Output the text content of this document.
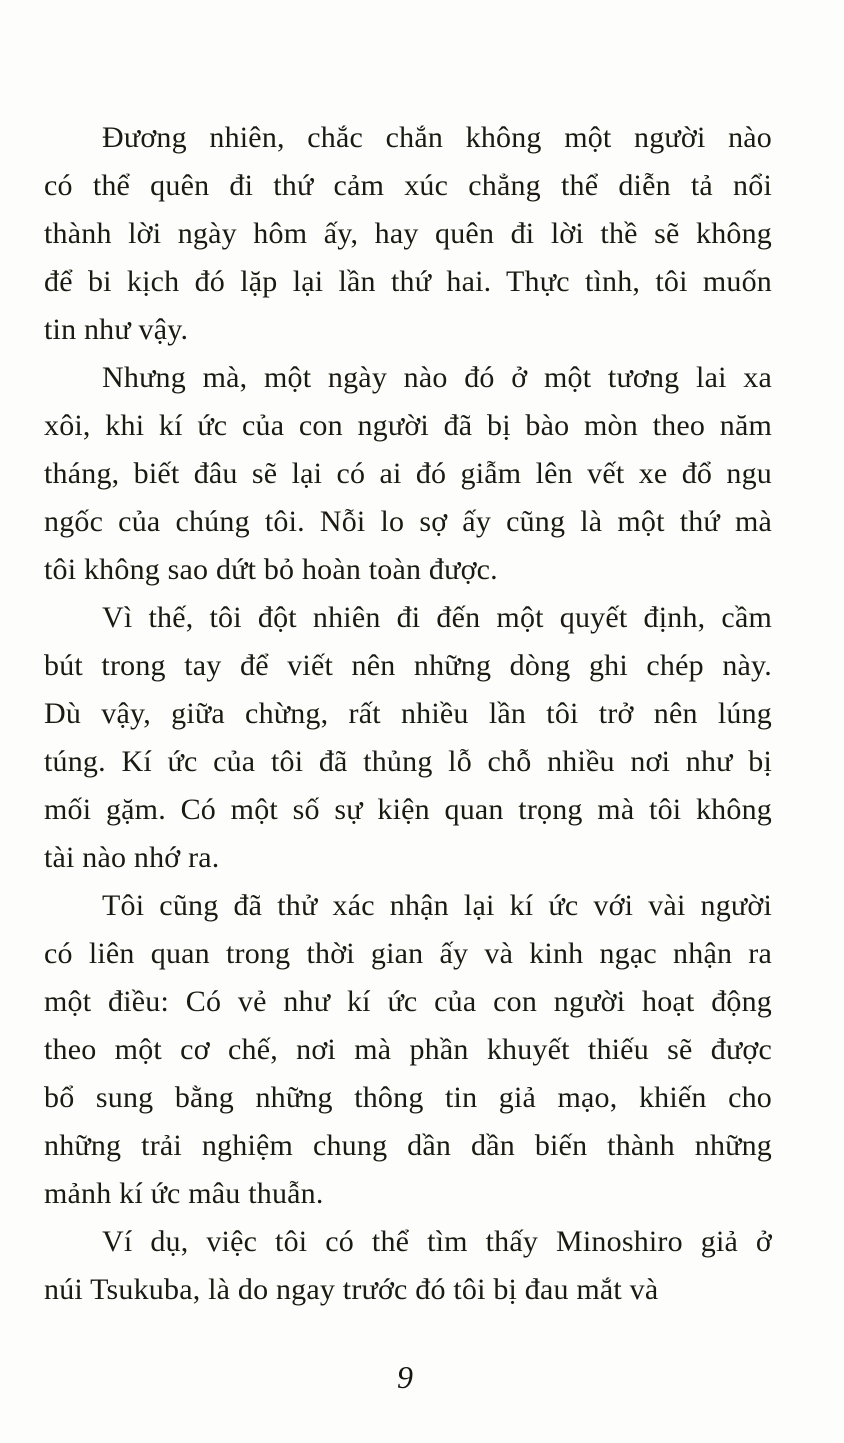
Đương nhiên, chắc chắn không một người nào
có thể quên đi thứ cảm xúc chẳng thể diễn tả nổi
thành lời ngày hôm ấy, hay quên đi lời thề sẽ không
để bi kịch đó lặp lại lần thứ hai. Thực tình, tôi muốn
tin như vậy.

Nhưng mà, một ngày nào đó ở một tương lai xa
xôi, khi kí ức của con người đã bị bào mòn theo năm
tháng, biết đâu sẽ lại có ai đó giẫm lên vết xe đổ ngu
ngốc của chúng tôi. Nỗi lo sợ ấy cũng là một thứ mà
tôi không sao dứt bỏ hoàn toàn được.

Vì thế, tôi đột nhiên đi đến một quyết định, cầm
bút trong tay để viết nên những dòng ghi chép này.
Dù vậy, giữa chừng, rất nhiều lần tôi trở nên lúng
túng. Kí ức của tôi đã thủng lỗ chỗ nhiều nơi như bị
mối gặm. Có một số sự kiện quan trọng mà tôi không
tài nào nhớ ra.

Tôi cũng đã thử xác nhận lại kí ức với vài người
có liên quan trong thời gian ấy và kinh ngạc nhận ra
một điều: Có vẻ như kí ức của con người hoạt động
theo một cơ chế, nơi mà phần khuyết thiếu sẽ được
bổ sung bằng những thông tin giả mạo, khiến cho
những trải nghiệm chung dần dần biến thành những
mảnh kí ức mâu thuẫn.

Ví dụ, việc tôi có thể tìm thấy Minoshiro giả ở
núi Tsukuba, là do ngay trước đó tôi bị đau mắt và

9
